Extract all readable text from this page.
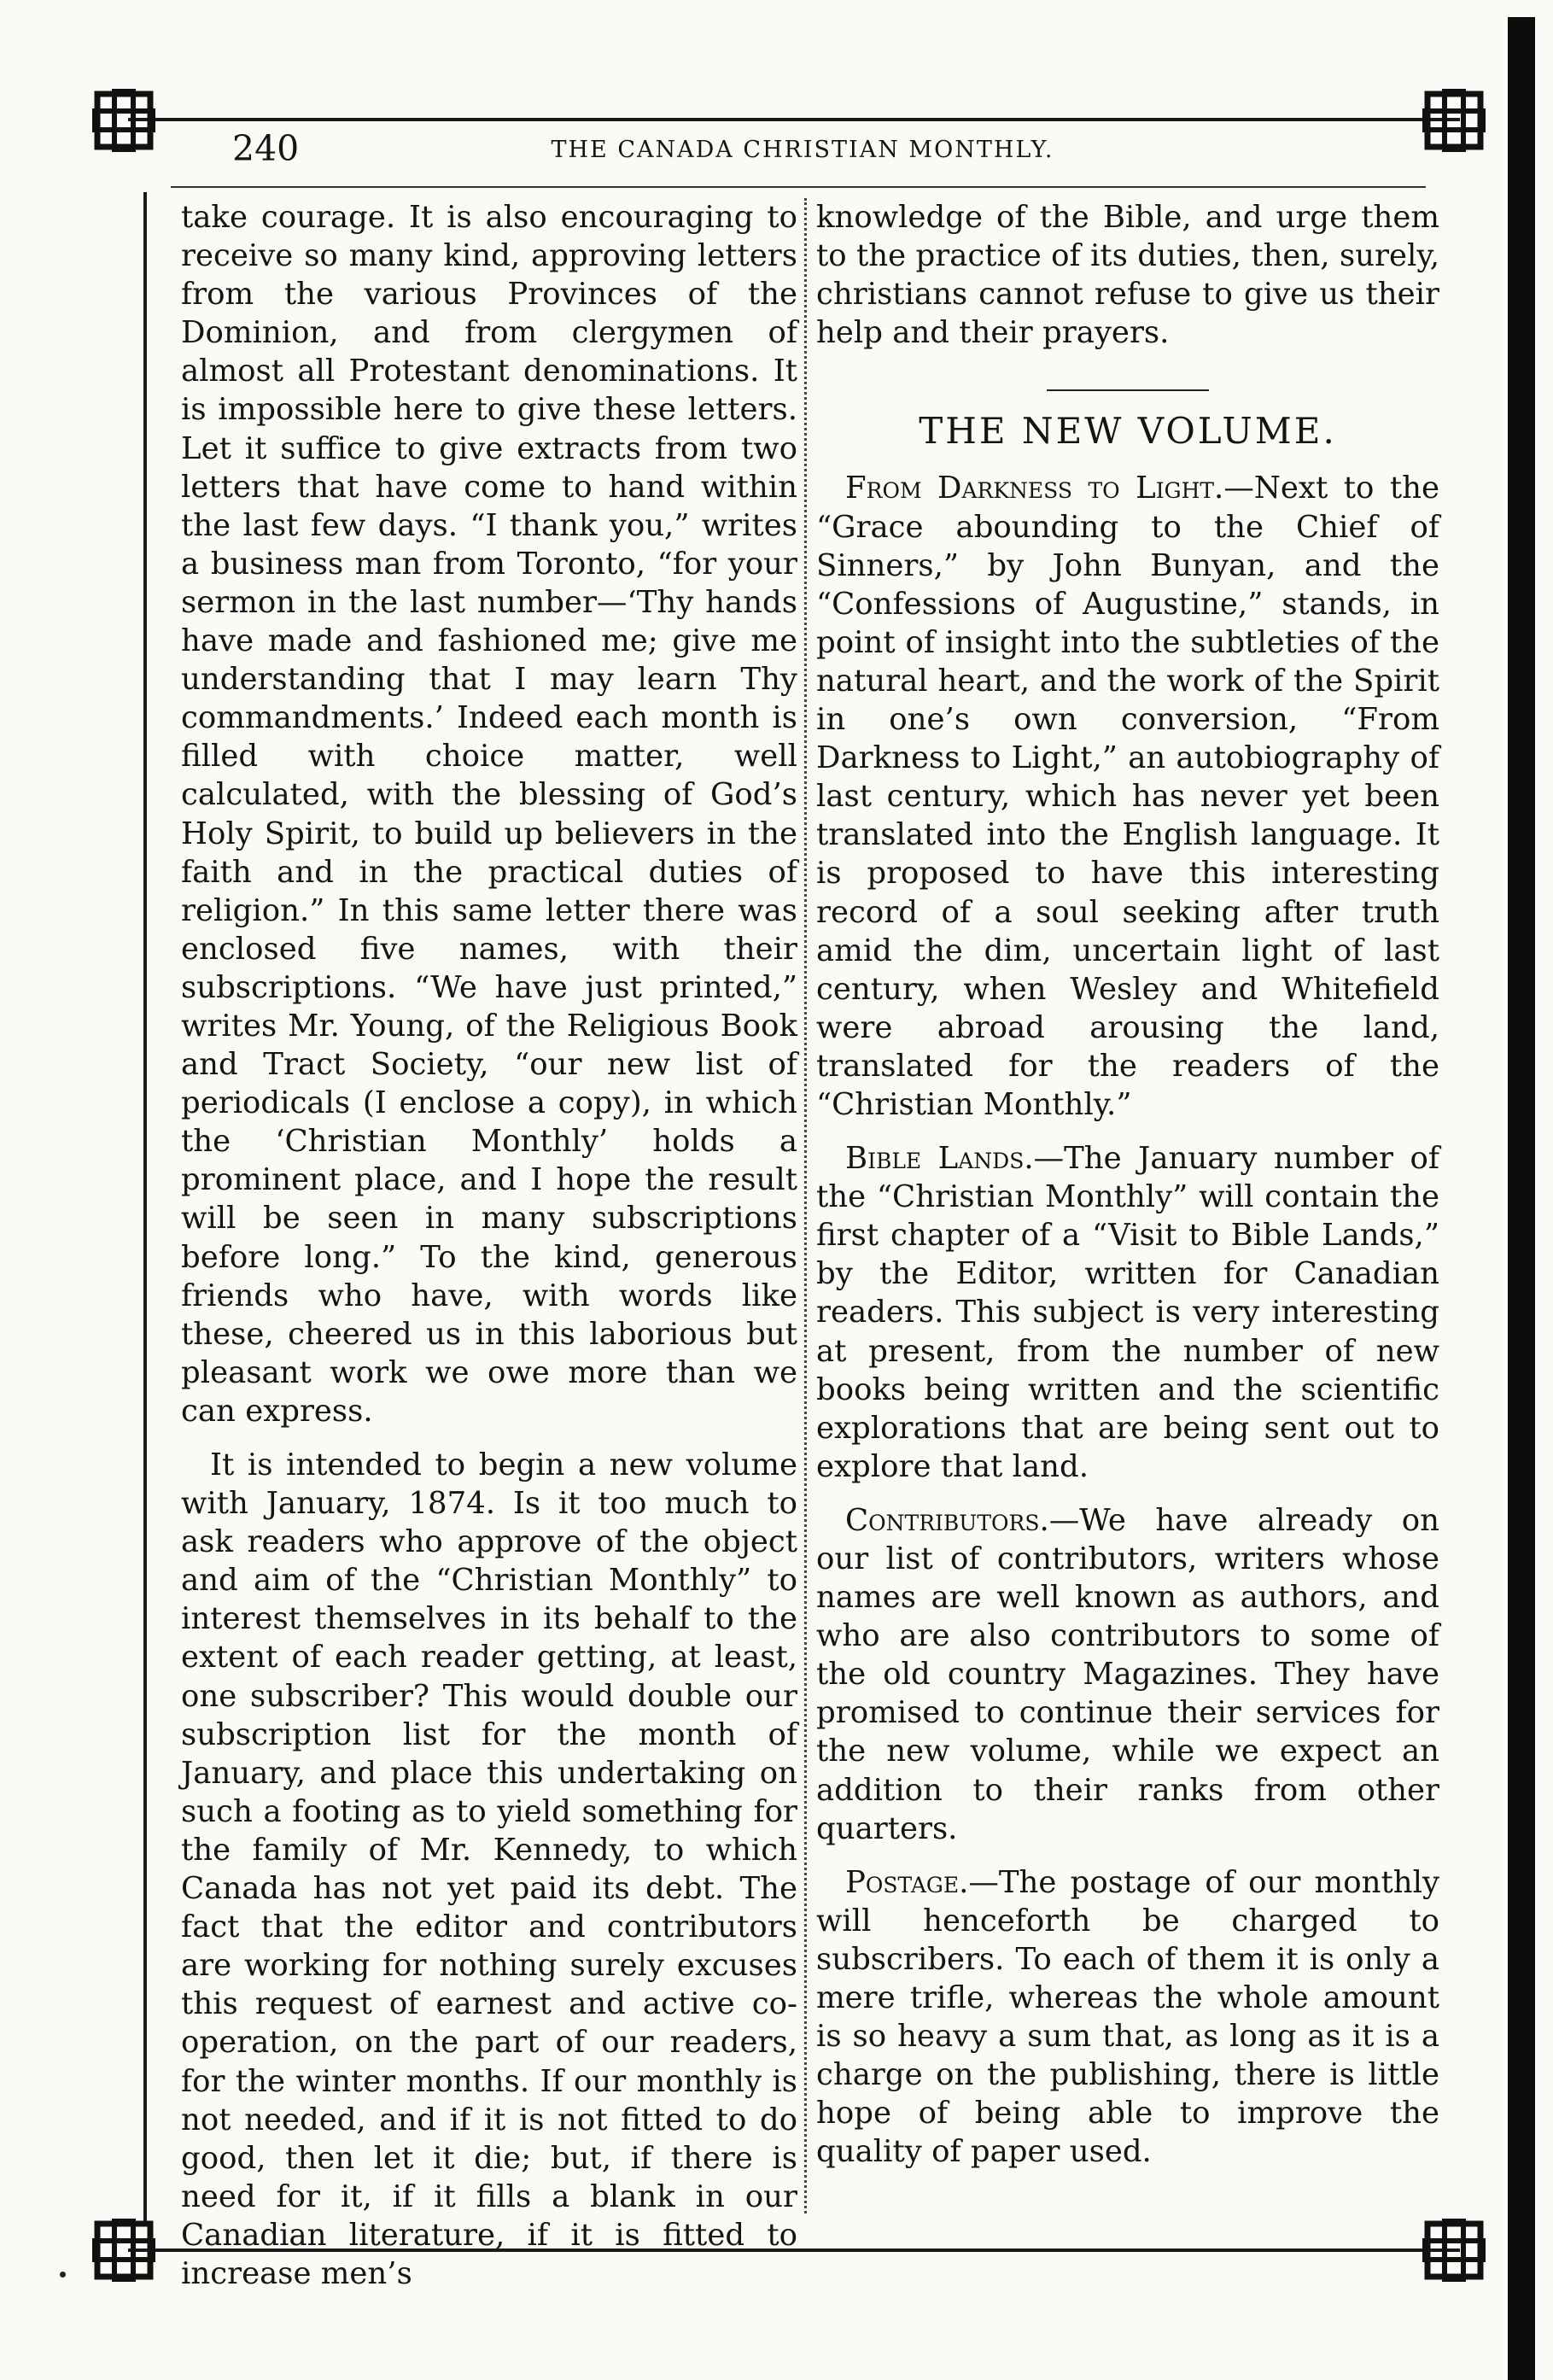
240	THE CANADA CHRISTIAN MONTHLY.

take courage. It is also encouraging to receive so many kind, approving letters from the various Provinces of the Dominion, and from clergymen of almost all Protestant denominations. It is impossible here to give these letters. Let it suffice to give extracts from two letters that have come to hand within the last few days. “I thank you,” writes a business man from Toronto, “for your sermon in the last number—‘Thy hands have made and fashioned me; give me understanding that I may learn Thy commandments.’ Indeed each month is filled with choice matter, well calculated, with the blessing of God’s Holy Spirit, to build up believers in the faith and in the practical duties of religion.” In this same letter there was enclosed five names, with their subscriptions. “We have just printed,” writes Mr. Young, of the Religious Book and Tract Society, “our new list of periodicals (I enclose a copy), in which the ‘Christian Monthly’ holds a prominent place, and I hope the result will be seen in many subscriptions before long.” To the kind, generous friends who have, with words like these, cheered us in this laborious but pleasant work we owe more than we can express.

It is intended to begin a new volume with January, 1874. Is it too much to ask readers who approve of the object and aim of the “Christian Monthly” to interest themselves in its behalf to the extent of each reader getting, at least, one subscriber? This would double our subscription list for the month of January, and place this undertaking on such a footing as to yield something for the family of Mr. Kennedy, to which Canada has not yet paid its debt. The fact that the editor and contributors are working for nothing surely excuses this request of earnest and active co-operation, on the part of our readers, for the winter months. If our monthly is not needed, and if it is not fitted to do good, then let it die; but, if there is need for it, if it fills a blank in our Canadian literature, if it is fitted to increase men’s

knowledge of the Bible, and urge them to the practice of its duties, then, surely, christians cannot refuse to give us their help and their prayers.

THE NEW VOLUME.

From Darkness to Light.—Next to the “Grace abounding to the Chief of Sinners,” by John Bunyan, and the “Confessions of Augustine,” stands, in point of insight into the subtleties of the natural heart, and the work of the Spirit in one’s own conversion, “From Darkness to Light,” an autobiography of last century, which has never yet been translated into the English language. It is proposed to have this interesting record of a soul seeking after truth amid the dim, uncertain light of last century, when Wesley and Whitefield were abroad arousing the land, translated for the readers of the “Christian Monthly.”

Bible Lands.—The January number of the “Christian Monthly” will contain the first chapter of a “Visit to Bible Lands,” by the Editor, written for Canadian readers. This subject is very interesting at present, from the number of new books being written and the scientific explorations that are being sent out to explore that land.

Contributors.—We have already on our list of contributors, writers whose names are well known as authors, and who are also contributors to some of the old country Magazines. They have promised to continue their services for the new volume, while we expect an addition to their ranks from other quarters.

Postage.—The postage of our monthly will henceforth be charged to subscribers. To each of them it is only a mere trifle, whereas the whole amount is so heavy a sum that, as long as it is a charge on the publishing, there is little hope of being able to improve the quality of paper used.
